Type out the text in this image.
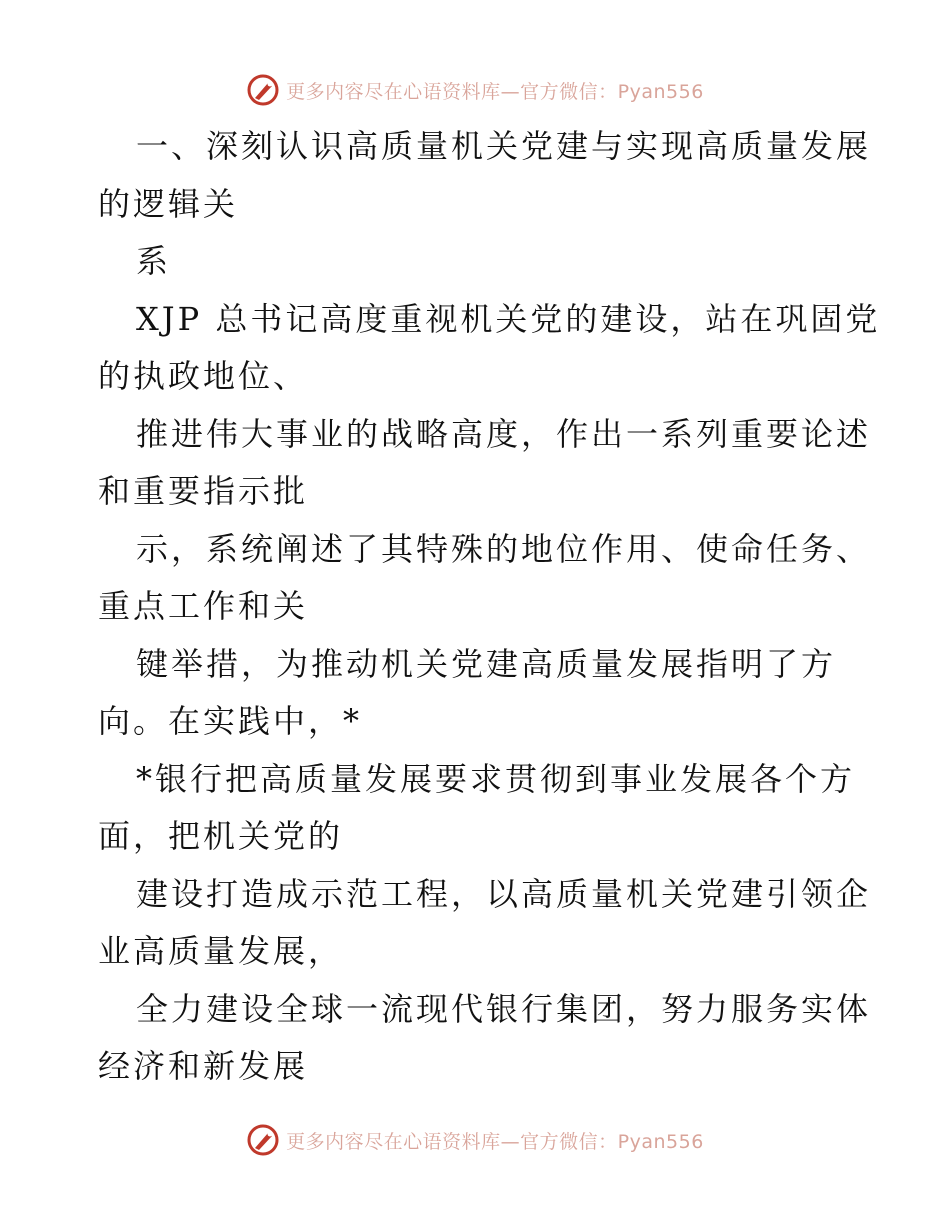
更多内容尽在心语资料库—官方微信：Pyan556
一、深刻认识高质量机关党建与实现高质量发展
的逻辑关
系
XJP 总书记高度重视机关党的建设，站在巩固党
的执政地位、
推进伟大事业的战略高度，作出一系列重要论述
和重要指示批
示，系统阐述了其特殊的地位作用、使命任务、
重点工作和关
键举措，为推动机关党建高质量发展指明了方
向。在实践中，*
*银行把高质量发展要求贯彻到事业发展各个方
面，把机关党的
建设打造成示范工程，以高质量机关党建引领企
业高质量发展，
全力建设全球一流现代银行集团，努力服务实体
经济和新发展
更多内容尽在心语资料库—官方微信：Pyan556
